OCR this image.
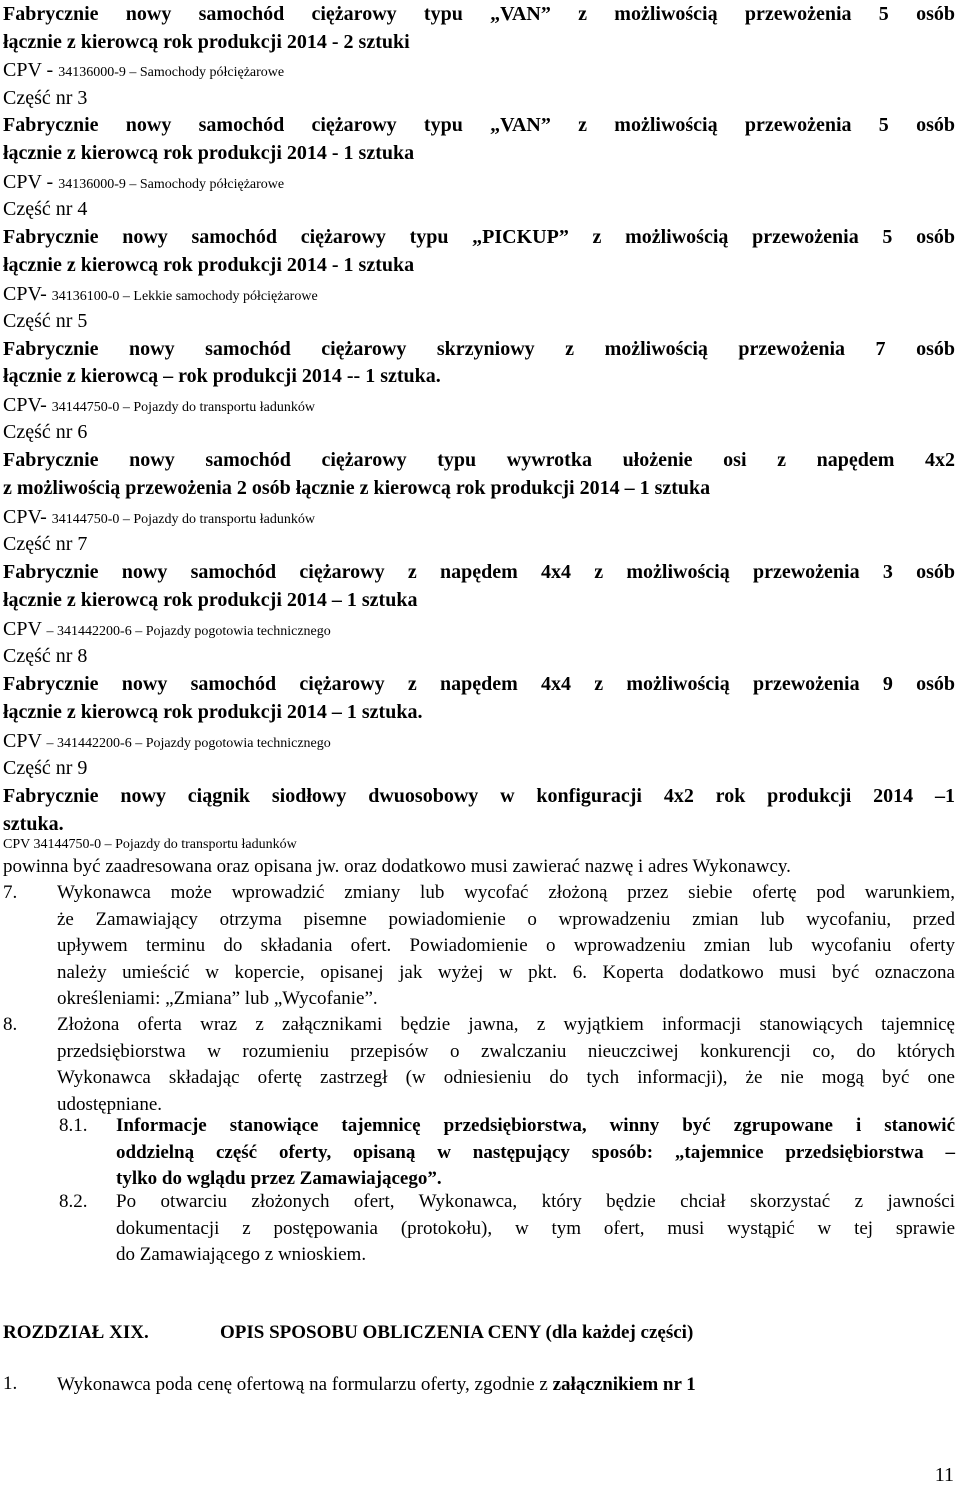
Fabrycznie nowy samochód ciężarowy typu „VAN” z możliwością przewożenia 5 osób
łącznie z kierowcą rok produkcji 2014 - 2 sztuki
CPV - 34136000-9 – Samochody półciężarowe
Część nr 3
Fabrycznie nowy samochód ciężarowy typu „VAN” z możliwością przewożenia 5 osób
łącznie z kierowcą rok produkcji 2014 - 1 sztuka
CPV - 34136000-9 – Samochody półciężarowe
Część nr 4
Fabrycznie nowy samochód ciężarowy typu „PICKUP” z możliwością przewożenia 5 osób
łącznie z kierowcą rok produkcji 2014 - 1 sztuka
CPV- 34136100-0 – Lekkie samochody półciężarowe
Część nr 5
Fabrycznie nowy samochód ciężarowy skrzyniowy z możliwością przewożenia 7 osób
łącznie z kierowcą – rok produkcji 2014 -- 1 sztuka.
CPV- 34144750-0 – Pojazdy do transportu ładunków
Część nr 6
Fabrycznie nowy samochód ciężarowy typu wywrotka ułożenie osi z napędem 4x2
z możliwością przewożenia 2 osób łącznie z kierowcą rok produkcji 2014 – 1 sztuka
CPV- 34144750-0 – Pojazdy do transportu ładunków
Część nr 7
Fabrycznie nowy samochód ciężarowy z napędem 4x4 z możliwością przewożenia 3 osób
łącznie z kierowcą rok produkcji 2014 – 1 sztuka
CPV – 341442200-6 – Pojazdy pogotowia technicznego
Część nr 8
Fabrycznie nowy samochód ciężarowy z napędem 4x4 z możliwością przewożenia 9 osób
łącznie z kierowcą rok produkcji 2014 – 1 sztuka.
CPV – 341442200-6 – Pojazdy pogotowia technicznego
Część nr 9
Fabrycznie nowy ciągnik siodłowy dwuosobowy w konfiguracji 4x2 rok produkcji 2014 –1
sztuka.
CPV 34144750-0 – Pojazdy do transportu ładunków
powinna być zaadresowana oraz opisana jw. oraz dodatkowo musi zawierać nazwę i adres Wykonawcy.
7. Wykonawca może wprowadzić zmiany lub wycofać złożoną przez siebie ofertę pod warunkiem,
że Zamawiający otrzyma pisemne powiadomienie o wprowadzeniu zmian lub wycofaniu, przed
upływem terminu do składania ofert. Powiadomienie o wprowadzeniu zmian lub wycofaniu oferty
należy umieścić w kopercie, opisanej jak wyżej w pkt. 6. Koperta dodatkowo musi być oznaczona
określeniami: „Zmiana” lub „Wycofanie”.
8. Złożona oferta wraz z załącznikami będzie jawna, z wyjątkiem informacji stanowiących tajemnicę
przedsiębiorstwa w rozumieniu przepisów o zwalczaniu nieuczciwej konkurencji co, do których
Wykonawca składając ofertę zastrzegł (w odniesieniu do tych informacji), że nie mogą być one
udostępniane.
8.1. Informacje stanowiące tajemnicę przedsiębiorstwa, winny być zgrupowane i stanowić
oddzielną część oferty, opisaną w następujący sposób: „tajemnice przedsiębiorstwa –
tylko do wglądu przez Zamawiającego”.
8.2. Po otwarciu złożonych ofert, Wykonawca, który będzie chciał skorzystać z jawności
dokumentacji z postępowania (protokołu), w tym ofert, musi wystąpić w tej sprawie
do Zamawiającego z wnioskiem.
ROZDZIAŁ XIX.	OPIS SPOSOBU OBLICZENIA CENY (dla każdej części)
1. Wykonawca poda cenę ofertową na formularzu oferty, zgodnie z załącznikiem nr 1
11
